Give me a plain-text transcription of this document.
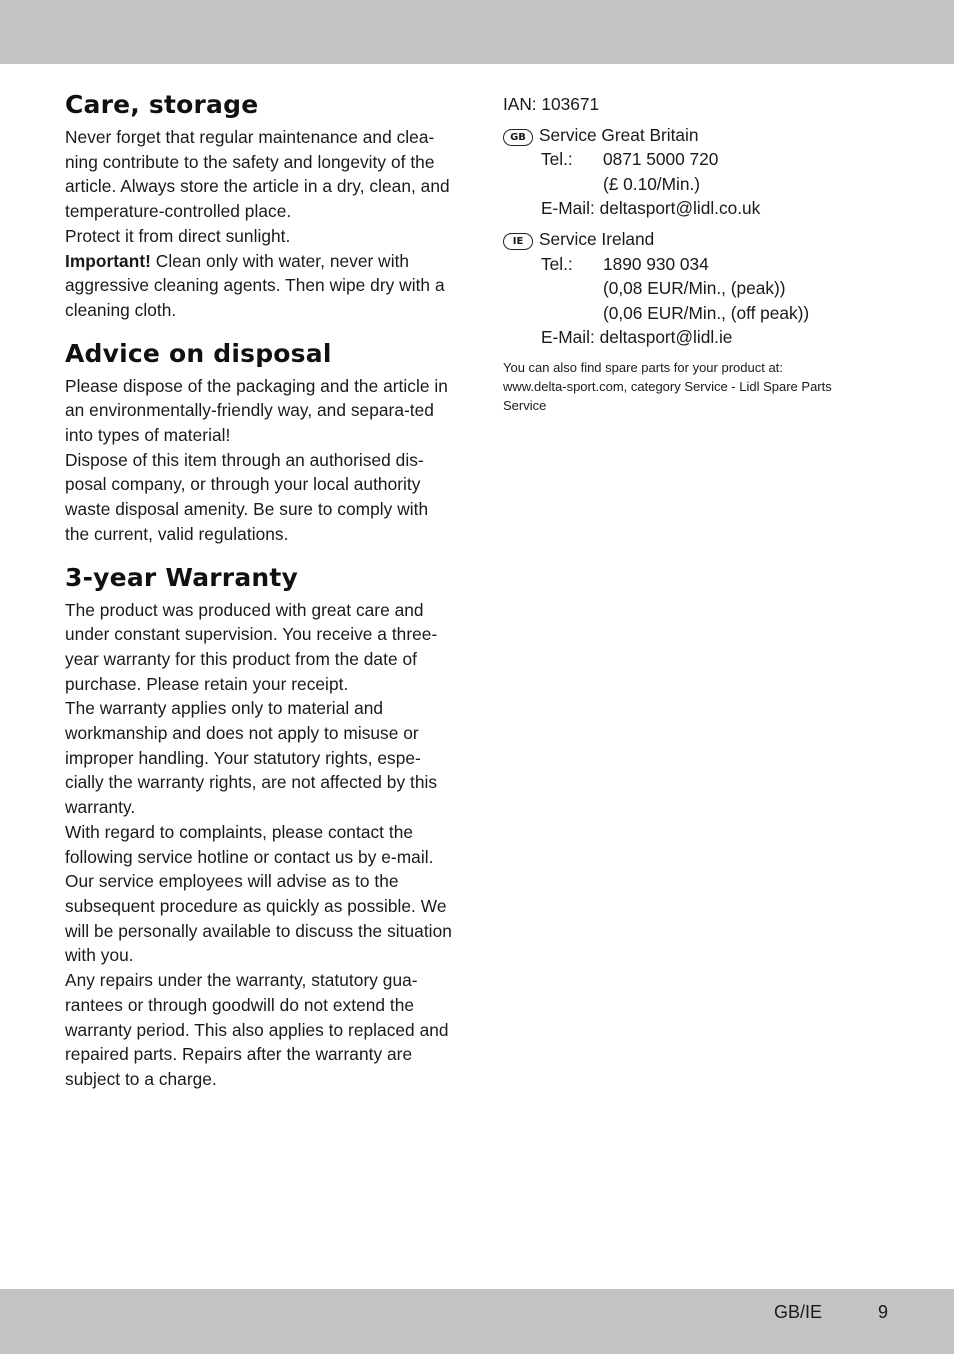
Care, storage

Never forget that regular maintenance and clea-ning contribute to the safety and longevity of the article. Always store the article in a dry, clean, and temperature-controlled place.

Protect it from direct sunlight.

Important! Clean only with water, never with aggressive cleaning agents. Then wipe dry with a cleaning cloth.

Advice on disposal

Please dispose of the packaging and the article in an environmentally-friendly way, and separa-ted into types of material!

Dispose of this item through an authorised dis-posal company, or through your local authority waste disposal amenity. Be sure to comply with the current, valid regulations.

3-year Warranty

The product was produced with great care and under constant supervision. You receive a three-year warranty for this product from the date of purchase. Please retain your receipt.

The warranty applies only to material and workmanship and does not apply to misuse or improper handling. Your statutory rights, espe-cially the warranty rights, are not affected by this warranty.

With regard to complaints, please contact the following service hotline or contact us by e-mail. Our service employees will advise as to the subsequent procedure as quickly as possible. We will be personally available to discuss the situation with you.

Any repairs under the warranty, statutory gua-rantees or through goodwill do not extend the warranty period. This also applies to replaced and repaired parts. Repairs after the warranty are subject to a charge.

IAN: 103671
GB Service Great Britain
Tel.: 0871 5000 720
(£ 0.10/Min.)
E-Mail: deltasport@lidl.co.uk
IE Service Ireland
Tel.: 1890 930 034
(0,08 EUR/Min., (peak))
(0,06 EUR/Min., (off peak))
E-Mail: deltasport@lidl.ie
You can also find spare parts for your product at:
www.delta-sport.com, category Service - Lidl Spare Parts
Service
GB/IE	9
